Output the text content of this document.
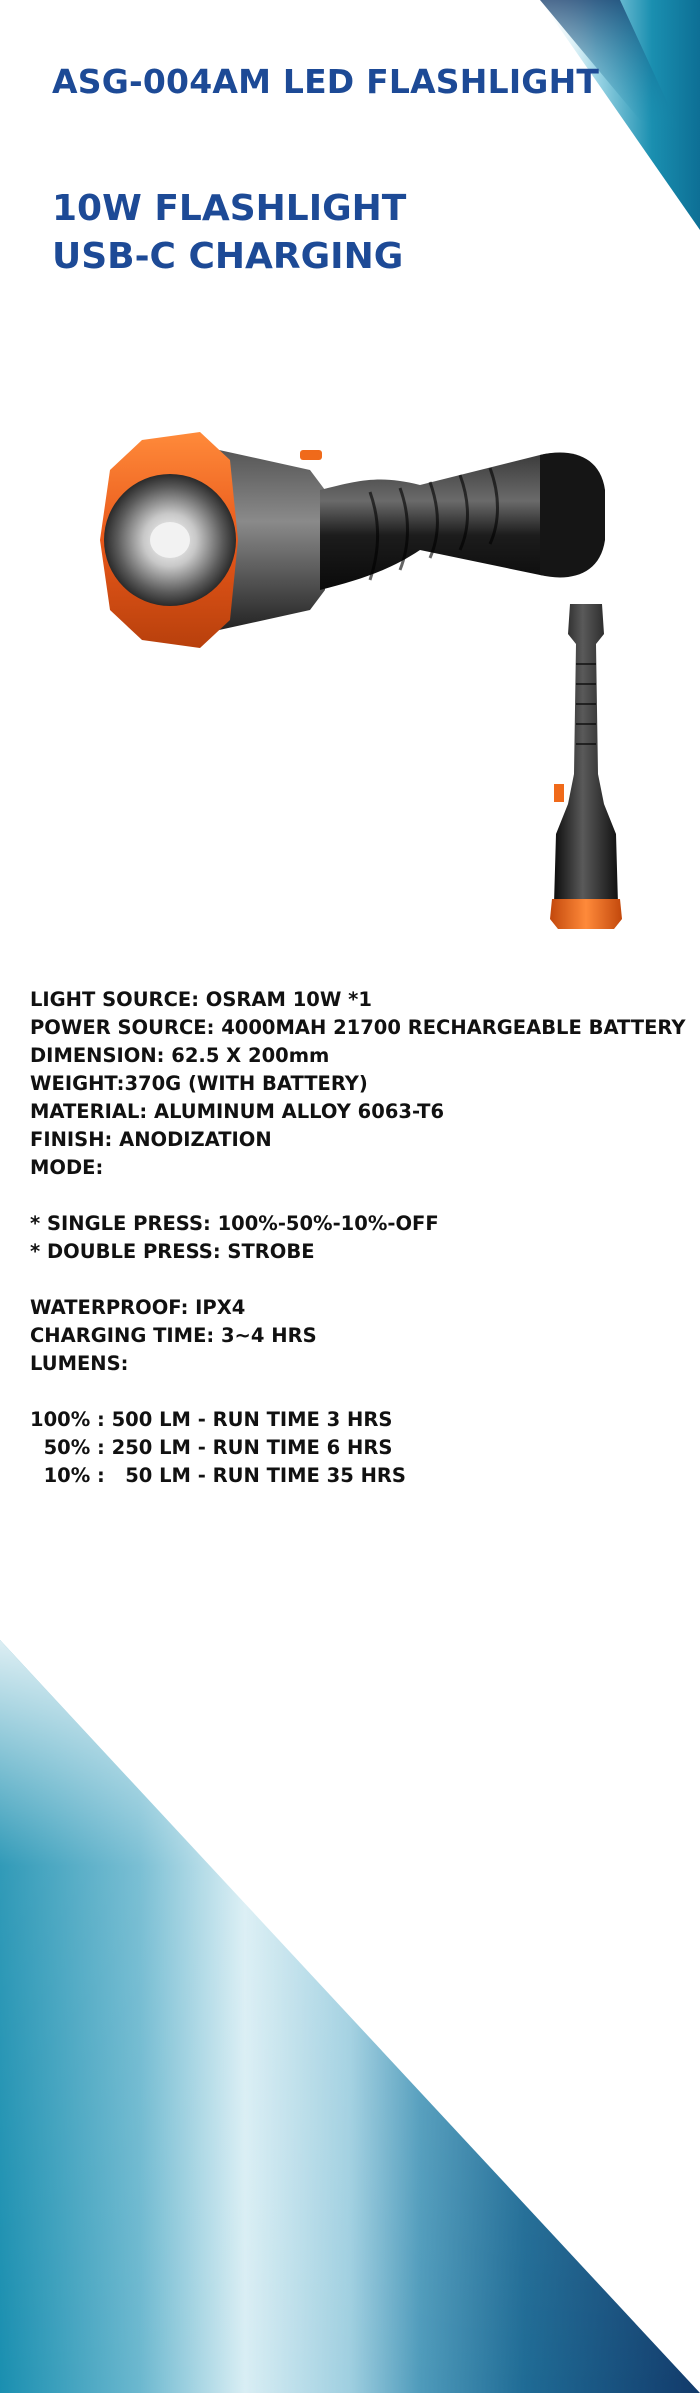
ASG-004AM LED FLASHLIGHT
10W FLASHLIGHT
USB-C CHARGING
LIGHT SOURCE: OSRAM 10W *1
POWER SOURCE: 4000MAH 21700 RECHARGEABLE BATTERY
DIMENSION: 62.5 X 200mm
WEIGHT:370G (WITH BATTERY)
MATERIAL: ALUMINUM ALLOY 6063-T6
FINISH: ANODIZATION
MODE:
* SINGLE PRESS: 100%-50%-10%-OFF
* DOUBLE PRESS: STROBE
WATERPROOF: IPX4
CHARGING TIME: 3~4 HRS
LUMENS:
100% : 500 LM - RUN TIME 3 HRS
50% : 250 LM - RUN TIME 6 HRS
10% :   50 LM - RUN TIME 35 HRS
